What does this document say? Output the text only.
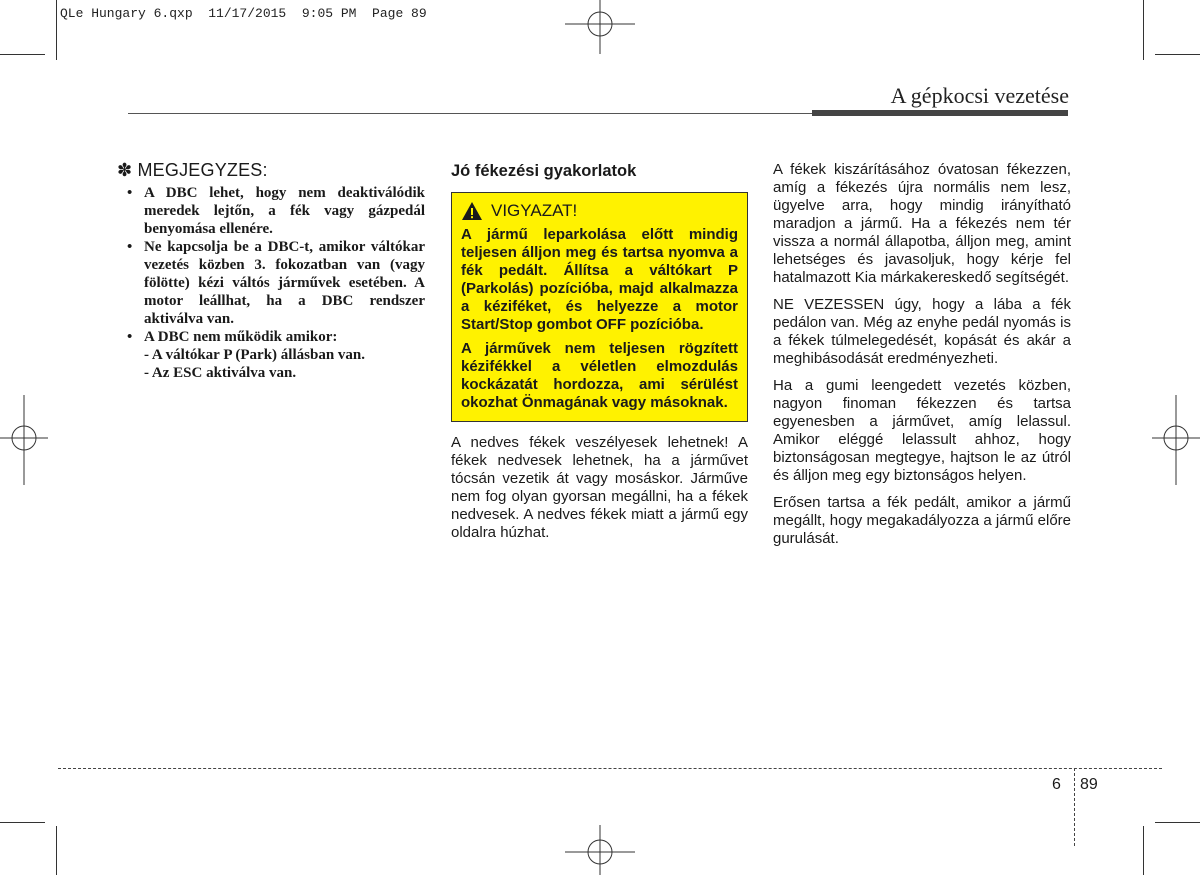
QLe Hungary 6.qxp  11/17/2015  9:05 PM  Page 89
A gépkocsi vezetése
✽ MEGJEGYZES:
• A DBC lehet, hogy nem deaktiválódik meredek lejtőn, a fék vagy gázpedál benyomása ellenére.
• Ne kapcsolja be a DBC-t, amikor váltókar vezetés közben 3. fokozatban van (vagy fölötte) kézi váltós járművek esetében. A motor leállhat, ha a DBC rendszer aktiválva van.
• A DBC nem működik amikor:
- A váltókar P (Park) állásban van.
- Az ESC aktiválva van.
Jó fékezési gyakorlatok
VIGYAZAT!

A jármű leparkolása előtt mindig teljesen álljon meg és tartsa nyomva a fék pedált. Állítsa a váltókart P (Parkolás) pozícióba, majd alkalmazza a kéziféket, és helyezze a motor Start/Stop gombot OFF pozícióba.

A járművek nem teljesen rögzített kézifékkel a véletlen elmozdulás kockázatát hordozza, ami sérülést okozhat Önmagának vagy másoknak.

A nedves fékek veszélyesek lehetnek! A fékek nedvesek lehetnek, ha a járművet tócsán vezetik át vagy mosáskor. Járműve nem fog olyan gyorsan megállni, ha a fékek nedvesek. A nedves fékek miatt a jármű egy oldalra húzhat.

A fékek kiszárításához óvatosan fékezzen, amíg a fékezés újra normális nem lesz, ügyelve arra, hogy mindig irányítható maradjon a jármű. Ha a fékezés nem tér vissza a normál állapotba, álljon meg, amint lehetséges és javasoljuk, hogy kérje fel hatalmazott Kia márkakereskedő segítségét.

NE VEZESSEN úgy, hogy a lába a fék pedálon van. Még az enyhe pedál nyomás is a fékek túlmelegedését, kopását és akár a meghibásodását eredményezheti.

Ha a gumi leengedett vezetés közben, nagyon finoman fékezzen és tartsa egyenesben a járművet, amíg lelassul. Amikor eléggé lelassult ahhoz, hogy biztonságosan megtegye, hajtson le az útról és álljon meg egy biztonságos helyen.

Erősen tartsa a fék pedált, amikor a jármű megállt, hogy megakadályozza a jármű előre gurulását.

6 89
